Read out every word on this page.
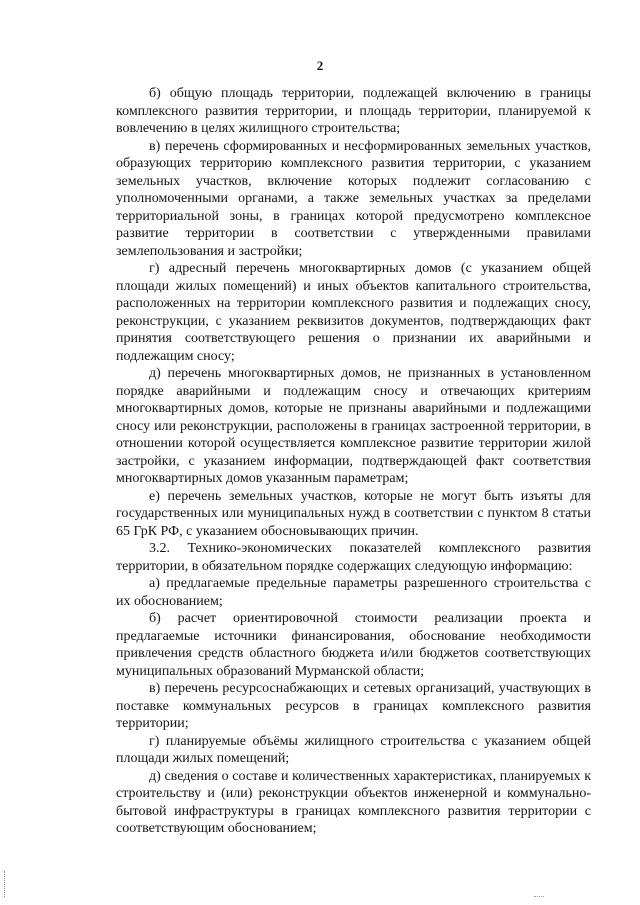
2

б) общую площадь территории, подлежащей включению в границы комплексного развития территории, и площадь территории, планируемой к вовлечению в целях жилищного строительства;

в) перечень сформированных и несформированных земельных участков, образующих территорию комплексного развития территории, с указанием земельных участков, включение которых подлежит согласованию с уполномоченными органами, а также земельных участках за пределами территориальной зоны, в границах которой предусмотрено комплексное развитие территории в соответствии с утвержденными правилами землепользования и застройки;

г) адресный перечень многоквартирных домов (с указанием общей площади жилых помещений) и иных объектов капитального строительства, расположенных на территории комплексного развития и подлежащих сносу, реконструкции, с указанием реквизитов документов, подтверждающих факт принятия соответствующего решения о признании их аварийными и подлежащим сносу;

д) перечень многоквартирных домов, не признанных в установленном порядке аварийными и подлежащим сносу и отвечающих критериям многоквартирных домов, которые не признаны аварийными и подлежащими сносу или реконструкции, расположены в границах застроенной территории, в отношении которой осуществляется комплексное развитие территории жилой застройки, с указанием информации, подтверждающей факт соответствия многоквартирных домов указанным параметрам;

е) перечень земельных участков, которые не могут быть изъяты для государственных или муниципальных нужд в соответствии с пунктом 8 статьи 65 ГрК РФ, с указанием обосновывающих причин.

3.2. Технико-экономических показателей комплексного развития территории, в обязательном порядке содержащих следующую информацию:

а) предлагаемые предельные параметры разрешенного строительства с их обоснованием;

б) расчет ориентировочной стоимости реализации проекта и предлагаемые источники финансирования, обоснование необходимости привлечения средств областного бюджета и/или бюджетов соответствующих муниципальных образований Мурманской области;

в) перечень ресурсоснабжающих и сетевых организаций, участвующих в поставке коммунальных ресурсов в границах комплексного развития территории;

г) планируемые объёмы жилищного строительства с указанием общей площади жилых помещений;

д) сведения о составе и количественных характеристиках, планируемых к строительству и (или) реконструкции объектов инженерной и коммунально-бытовой инфраструктуры в границах комплексного развития территории с соответствующим обоснованием;
